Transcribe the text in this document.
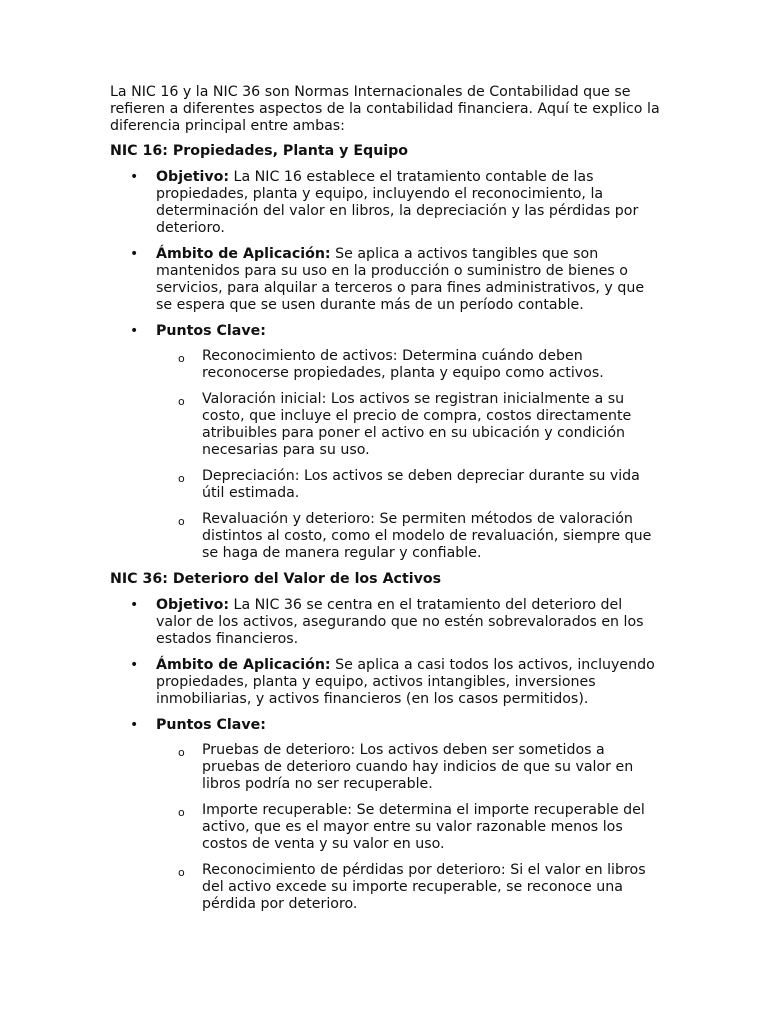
La NIC 16 y la NIC 36 son Normas Internacionales de Contabilidad que se refieren a diferentes aspectos de la contabilidad financiera. Aquí te explico la diferencia principal entre ambas:

NIC 16: Propiedades, Planta y Equipo
• Objetivo: La NIC 16 establece el tratamiento contable de las propiedades, planta y equipo, incluyendo el reconocimiento, la determinación del valor en libros, la depreciación y las pérdidas por deterioro.
• Ámbito de Aplicación: Se aplica a activos tangibles que son mantenidos para su uso en la producción o suministro de bienes o servicios, para alquilar a terceros o para fines administrativos, y que se espera que se usen durante más de un período contable.
• Puntos Clave:
o Reconocimiento de activos: Determina cuándo deben reconocerse propiedades, planta y equipo como activos.
o Valoración inicial: Los activos se registran inicialmente a su costo, que incluye el precio de compra, costos directamente atribuibles para poner el activo en su ubicación y condición necesarias para su uso.
o Depreciación: Los activos se deben depreciar durante su vida útil estimada.
o Revaluación y deterioro: Se permiten métodos de valoración distintos al costo, como el modelo de revaluación, siempre que se haga de manera regular y confiable.
NIC 36: Deterioro del Valor de los Activos
• Objetivo: La NIC 36 se centra en el tratamiento del deterioro del valor de los activos, asegurando que no estén sobrevalorados en los estados financieros.
• Ámbito de Aplicación: Se aplica a casi todos los activos, incluyendo propiedades, planta y equipo, activos intangibles, inversiones inmobiliarias, y activos financieros (en los casos permitidos).
• Puntos Clave:
o Pruebas de deterioro: Los activos deben ser sometidos a pruebas de deterioro cuando hay indicios de que su valor en libros podría no ser recuperable.
o Importe recuperable: Se determina el importe recuperable del activo, que es el mayor entre su valor razonable menos los costos de venta y su valor en uso.
o Reconocimiento de pérdidas por deterioro: Si el valor en libros del activo excede su importe recuperable, se reconoce una pérdida por deterioro.
